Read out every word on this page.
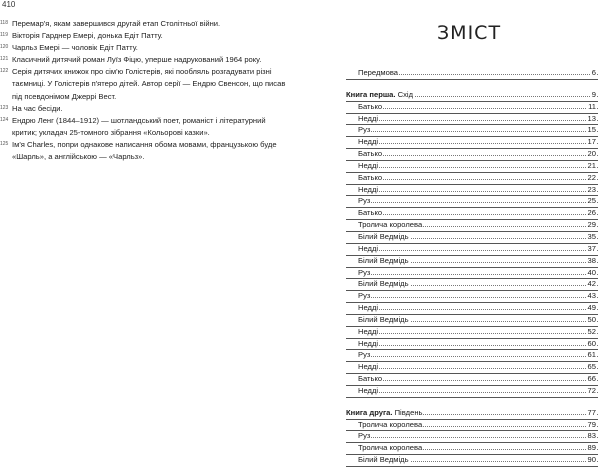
410
118 Перемар'я, якам завершився другай етап Столітньої війни.
119 Вікторія Гарднер Емері, донька Едіт Патту.
120 Чарльз Емері — чоловік Едіт Патту.
121 Класичний дитячий роман Луїз Фіцю, уперше надрукований 1964 року.
122 Серія дитячих книжок про сім'ю Голістерів, які пообляль розгадувати різні таємниці. У Голістерів п'ятеро дітей. Автор серії — Ендрю Свенсон, що писав під псевдонімом Джеррі Вест.
123 На час бесіди.
124 Ендрю Ленг (1844–1912) — шотландський поет, романіст і літературний критик; укладач 25-томного зібрання «Кольорові казки».
125 Ім'я Charles, попри однакове написання обома мовами, французькою буде «Шарль», а англійською — «Чарльз».
ЗМІСТ
Передмова	6
Книга перша. Схід	9
Батько	11
Недді	13
Руз	15
Недді	17
Батько	20
Недді	21
Батько	22
Недді	23
Руз	25
Батько	26
Тролича королева	29
Білий Ведмідь	35
Недді	37
Білий Ведмідь	38
Руз	40
Білий Ведмідь	42
Руз	43
Недді	49
Білий Ведмідь	50
Недді	52
Недді	60
Руз	61
Недді	65
Батько	66
Недді	72
Книга друга. Південь	77
Тролича королева	79
Руз	83
Тролича королева	89
Білий Ведмідь	90
